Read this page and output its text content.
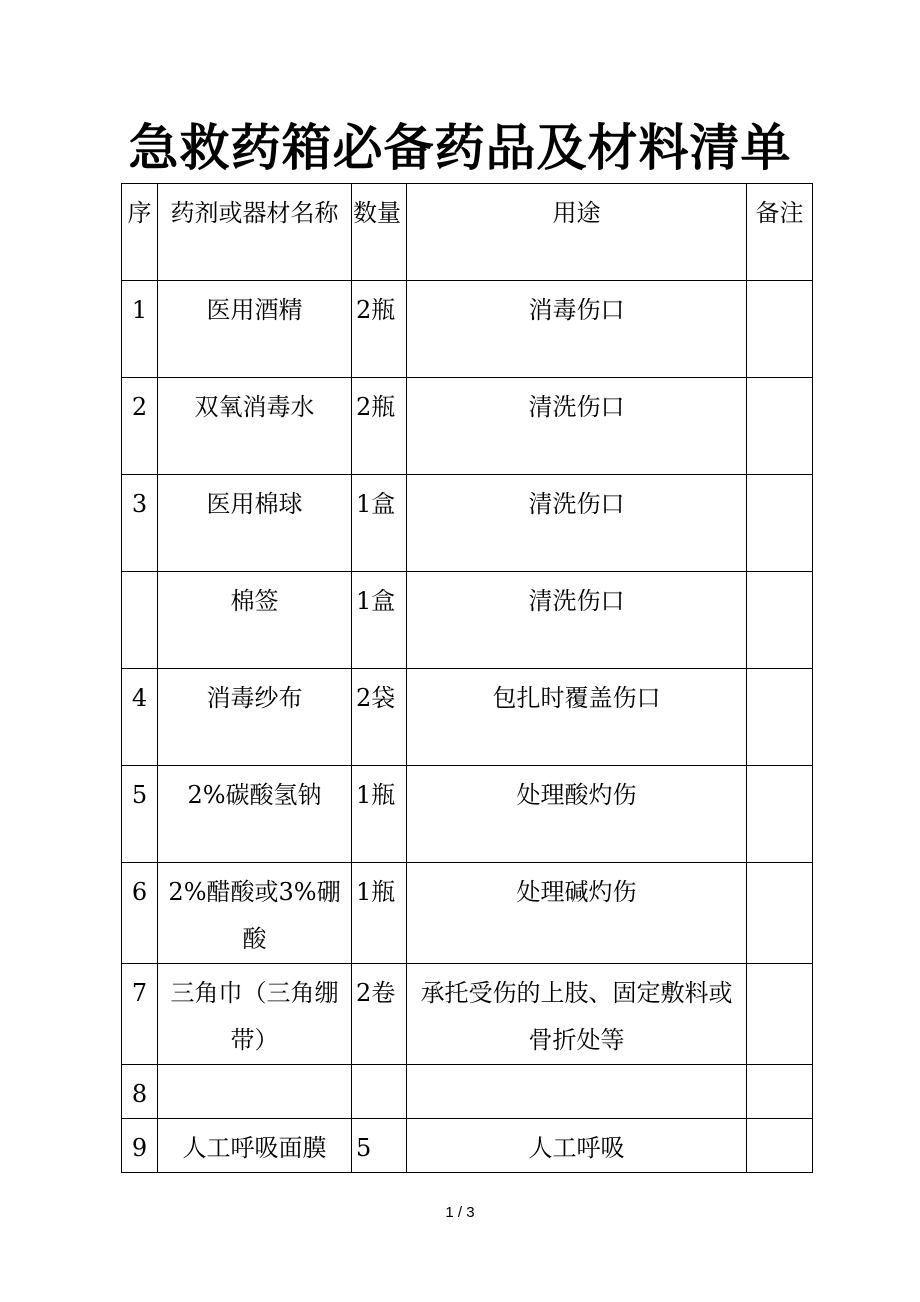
急救药箱必备药品及材料清单
序	药剂或器材名称	数量	用途	备注
1	医用酒精	2瓶	消毒伤口	
2	双氧消毒水	2瓶	清洗伤口	
3	医用棉球	1盒	清洗伤口	
	棉签	1盒	清洗伤口	
4	消毒纱布	2袋	包扎时覆盖伤口	
5	2%碳酸氢钠	1瓶	处理酸灼伤	
6	2%醋酸或3%硼酸	1瓶	处理碱灼伤	
7	三角巾（三角绷带）	2卷	承托受伤的上肢、固定敷料或骨折处等	
8				
9	人工呼吸面膜	5	人工呼吸	
1 / 3
